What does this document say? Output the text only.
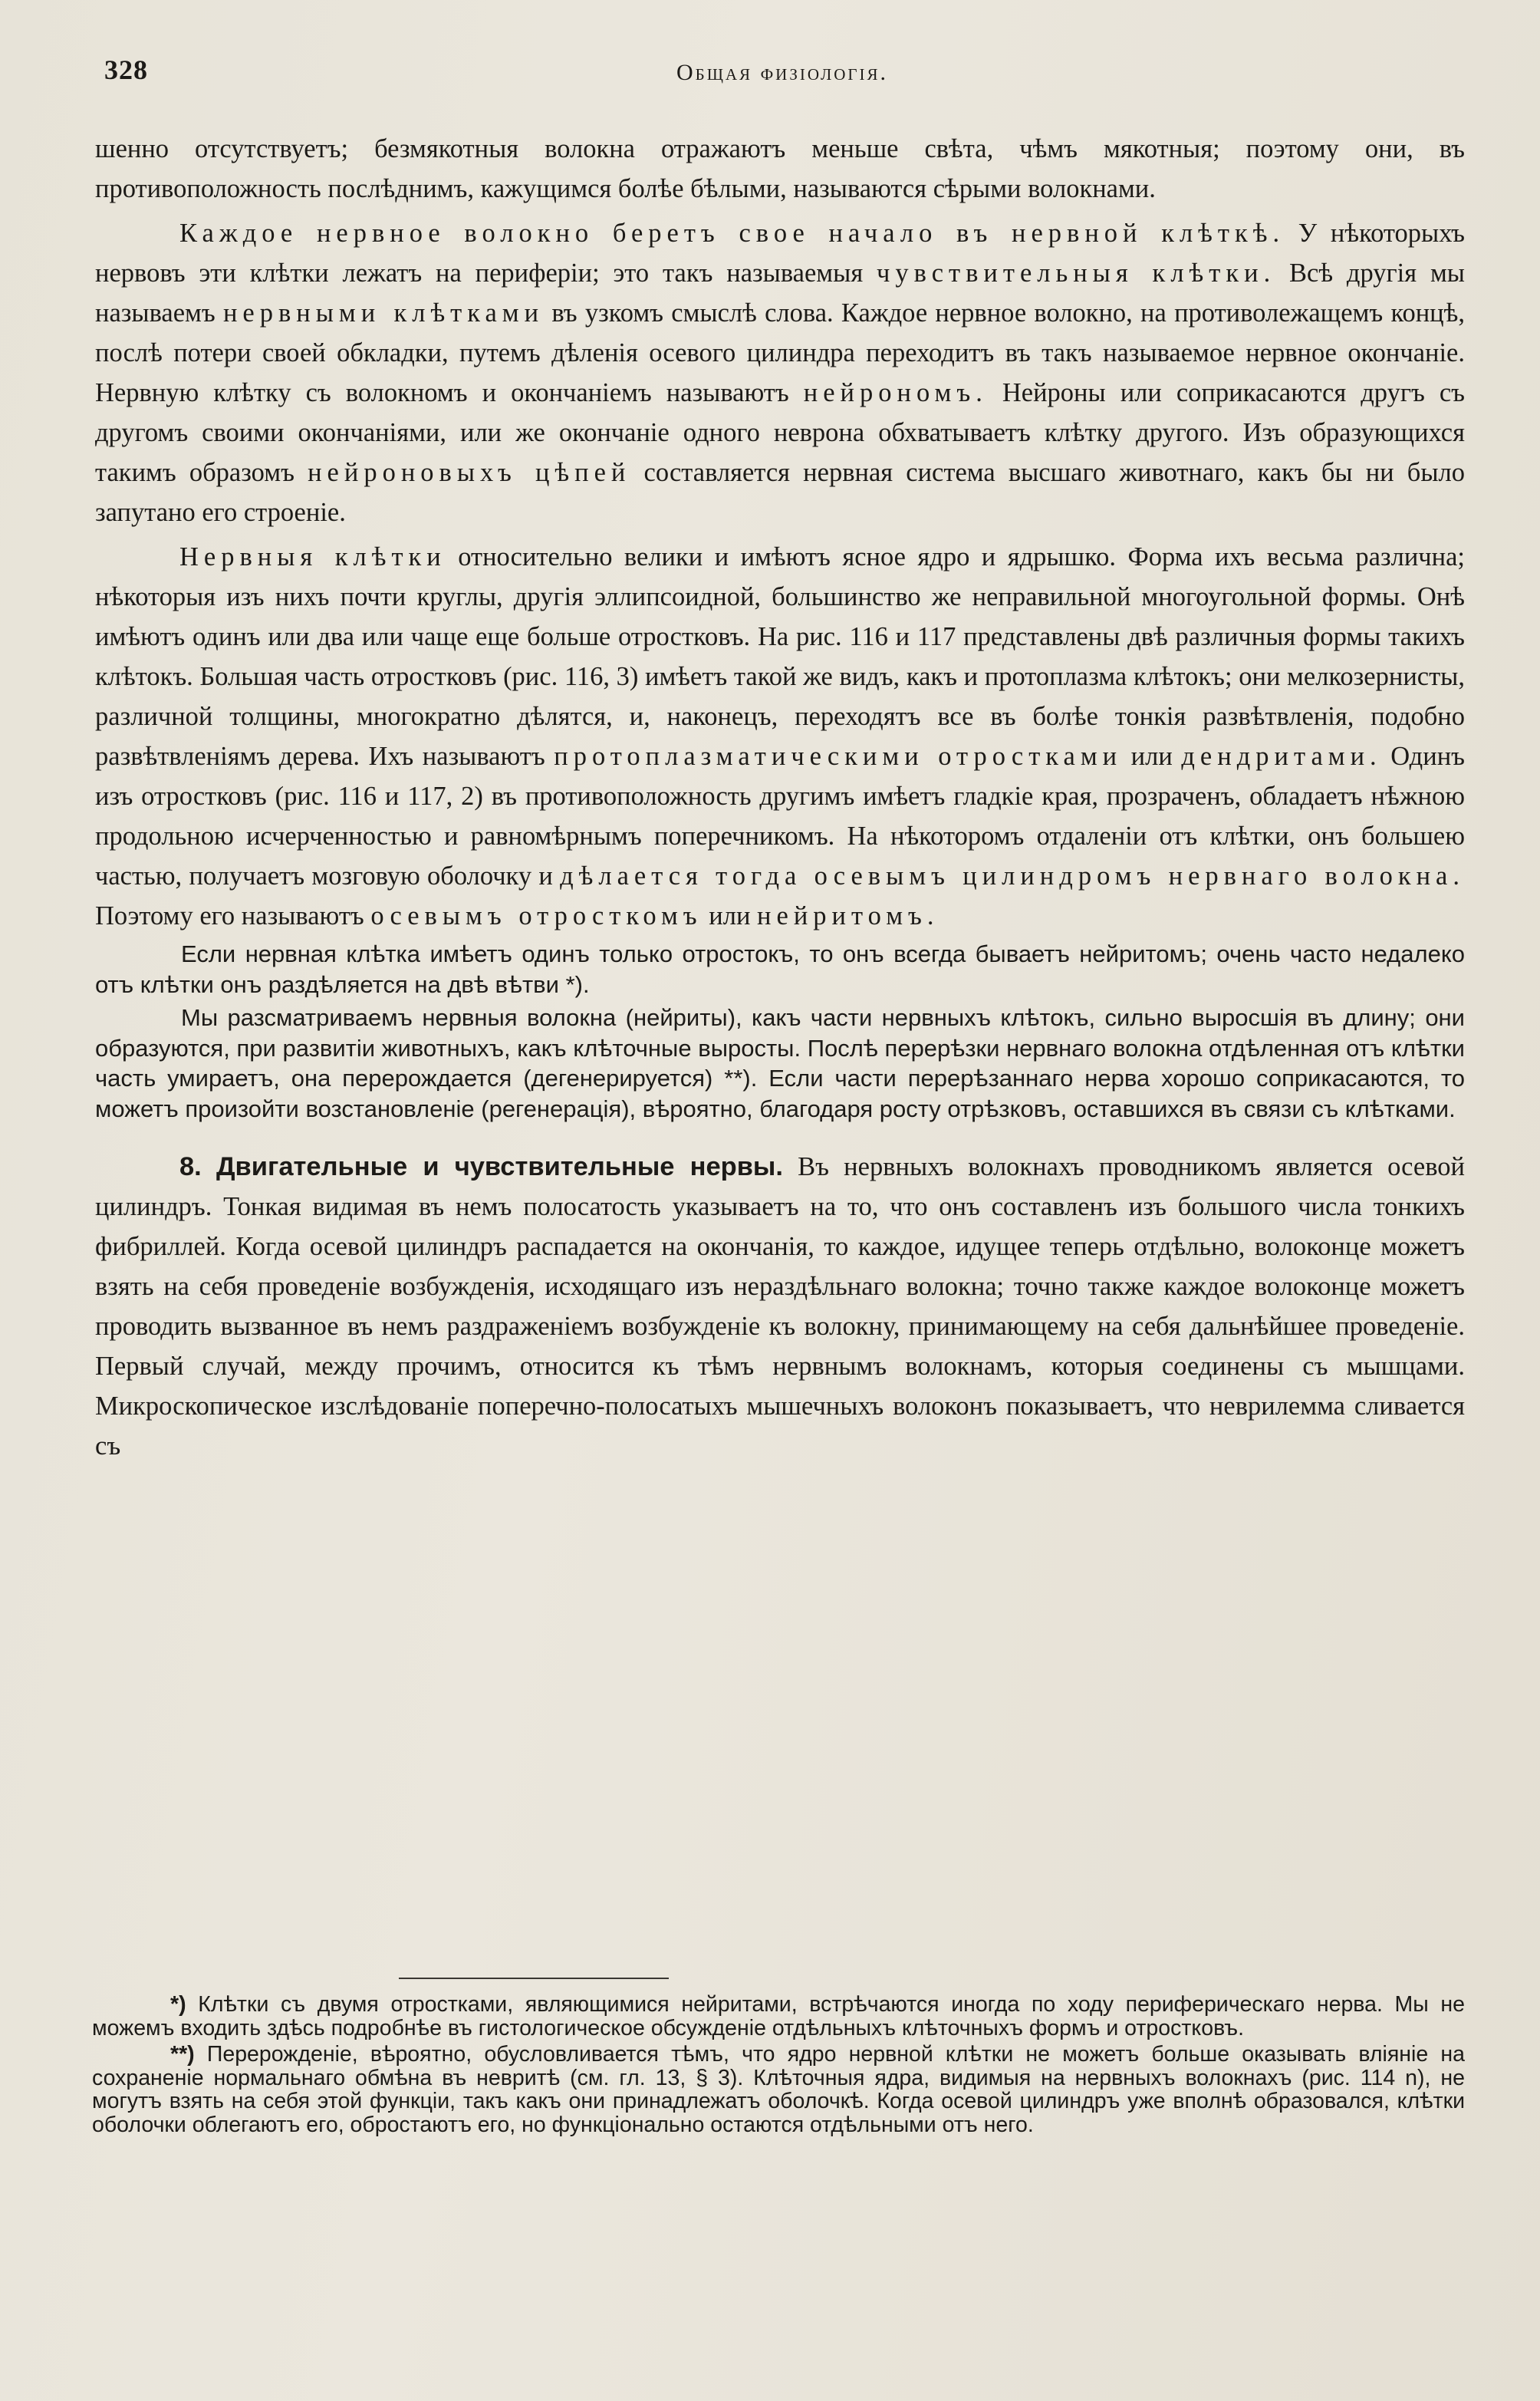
328	Общая физiологiя.

шенно отсутствуетъ; безмякотныя волокна отражаютъ меньше свѣта, чѣмъ мякотныя; поэтому они, въ противоположность послѣднимъ, кажущимся болѣе бѣлыми, называются сѣрыми волокнами.

Каждое нервное волокно беретъ свое начало въ нервной клѣткѣ. У нѣкоторыхъ нервовъ эти клѣтки лежатъ на периферiи; это такъ называемыя чувствительныя клѣтки. Всѣ другiя мы называемъ нервными клѣтками въ узкомъ смыслѣ слова. Каждое нервное волокно, на противолежащемъ концѣ, послѣ потери своей обкладки, путемъ дѣленiя осевого цилиндра переходитъ въ такъ называемое нервное окончанiе. Нервную клѣтку съ волокномъ и окончанiемъ называютъ нейрономъ. Нейроны или соприкасаются другъ съ другомъ своими окончанiями, или же окончанiе одного неврона обхватываетъ клѣтку другого. Изъ образующихся такимъ образомъ нейроновыхъ цѣпей составляется нервная система высшаго животнаго, какъ бы ни было запутано его строенiе.

Нервныя клѣтки относительно велики и имѣютъ ясное ядро и ядрышко. Форма ихъ весьма различна; нѣкоторыя изъ нихъ почти круглы, другiя эллипсоидной, большинство же неправильной многоугольной формы. Онѣ имѣютъ одинъ или два или чаще еще больше отростковъ. На рис. 116 и 117 представлены двѣ различныя формы такихъ клѣтокъ. Большая часть отростковъ (рис. 116, 3) имѣетъ такой же видъ, какъ и протоплазма клѣтокъ; они мелкозернисты, различной толщины, многократно дѣлятся, и, наконецъ, переходятъ все въ болѣе тонкiя развѣтвленiя, подобно развѣтвленiямъ дерева. Ихъ называютъ протоплазматическими отростками или дендритами. Одинъ изъ отростковъ (рис. 116 и 117, 2) въ противоположность другимъ имѣетъ гладкiе края, прозраченъ, обладаетъ нѣжною продольною исчерченностью и равномѣрнымъ поперечникомъ. На нѣкоторомъ отдаленiи отъ клѣтки, онъ большею частью, получаетъ мозговую оболочку и дѣлается тогда осевымъ цилиндромъ нервнаго волокна. Поэтому его называютъ осевымъ отросткомъ или нейритомъ.

Если нервная клѣтка имѣетъ одинъ только отростокъ, то онъ всегда бываетъ нейритомъ; очень часто недалеко отъ клѣтки онъ раздѣляется на двѣ вѣтви *).

Мы разсматриваемъ нервныя волокна (нейриты), какъ части нервныхъ клѣтокъ, сильно выросшiя въ длину; они образуются, при развитiи животныхъ, какъ клѣточные выросты. Послѣ перерѣзки нервнаго волокна отдѣленная отъ клѣтки часть умираетъ, она перерождается (дегенерируется) **). Если части перерѣзаннаго нерва хорошо соприкасаются, то можетъ произойти возстановленiе (регенерацiя), вѣроятно, благодаря росту отрѣзковъ, оставшихся въ связи съ клѣтками.

8. Двигательные и чувствительные нервы. Въ нервныхъ волокнахъ проводникомъ является осевой цилиндръ. Тонкая видимая въ немъ полосатость указываетъ на то, что онъ составленъ изъ большого числа тонкихъ фибриллей. Когда осевой цилиндръ распадается на окончанiя, то каждое, идущее теперь отдѣльно, волоконце можетъ взять на себя проведенiе возбужденiя, исходящаго изъ нераздѣльнаго волокна; точно также каждое волоконце можетъ проводить вызванное въ немъ раздраженiемъ возбужденiе къ волокну, принимающему на себя дальнѣйшее проведенiе. Первый случай, между прочимъ, относится къ тѣмъ нервнымъ волокнамъ, которыя соединены съ мышцами. Микроскопическое изслѣдованiе поперечно-полосатыхъ мышечныхъ волоконъ показываетъ, что неврилемма сливается съ

*) Клѣтки съ двумя отростками, являющимися нейритами, встрѣчаются иногда по ходу периферическаго нерва. Мы не можемъ входить здѣсь подробнѣе въ гистологическое обсужденiе отдѣльныхъ клѣточныхъ формъ и отростковъ.

**) Перерожденiе, вѣроятно, обусловливается тѣмъ, что ядро нервной клѣтки не можетъ больше оказывать влiянiе на сохраненiе нормальнаго обмѣна въ невритѣ (см. гл. 13, § 3). Клѣточныя ядра, видимыя на нервныхъ волокнахъ (рис. 114 n), не могутъ взять на себя этой функцiи, такъ какъ они принадлежатъ оболочкѣ. Когда осевой цилиндръ уже вполнѣ образовался, клѣтки оболочки облегаютъ его, обростаютъ его, но функцiонально остаются отдѣльными отъ него.
